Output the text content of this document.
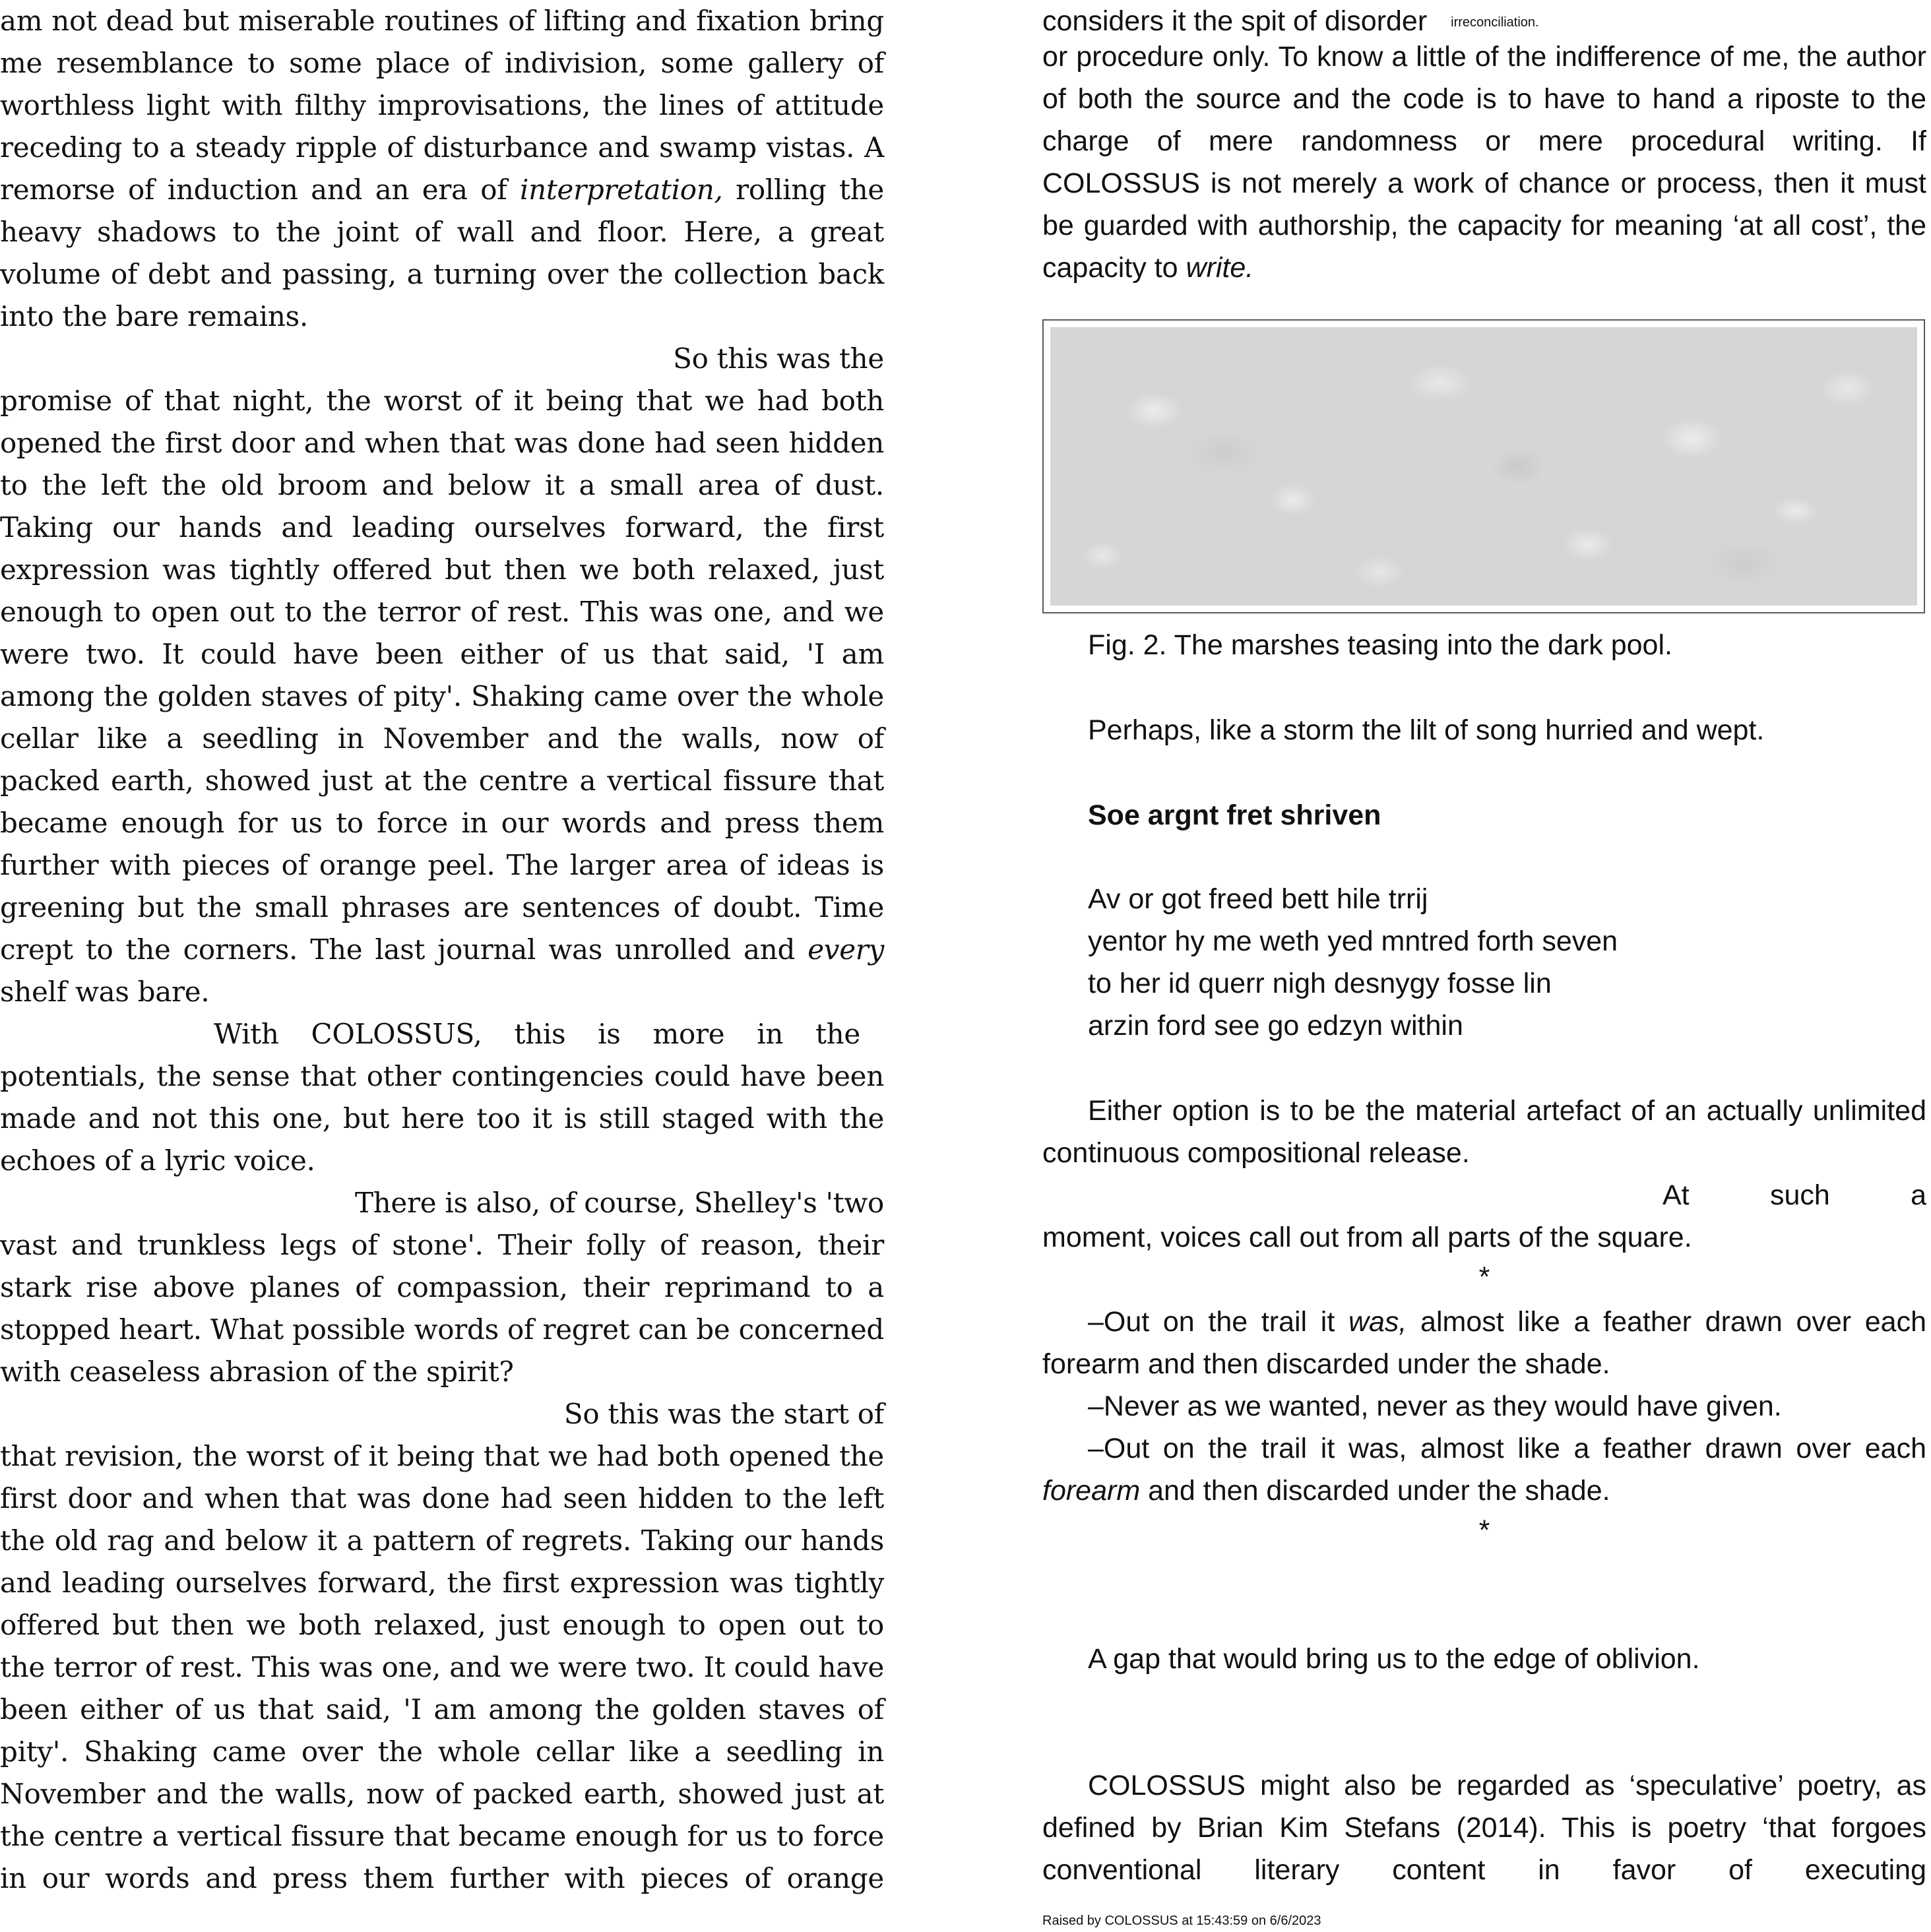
am not dead but miserable routines of lifting and fixation bring me resemblance to some place of indivision, some gallery of worthless light with filthy improvisations, the lines of attitude receding to a steady ripple of disturbance and swamp vistas. A remorse of induction and an era of interpretation, rolling the heavy shadows to the joint of wall and floor. Here, a great volume of debt and passing, a turning over the collection back into the bare remains.

So this was the
promise of that night, the worst of it being that we had both opened the first door and when that was done had seen hidden to the left the old broom and below it a small area of dust. Taking our hands and leading ourselves forward, the first expression was tightly offered but then we both relaxed, just enough to open out to the terror of rest. This was one, and we were two. It could have been either of us that said, 'I am among the golden staves of pity'. Shaking came over the whole cellar like a seedling in November and the walls, now of packed earth, showed just at the centre a vertical fissure that became enough for us to force in our words and press them further with pieces of orange peel. The larger area of ideas is greening but the small phrases are sentences of doubt. Time crept to the corners. The last journal was unrolled and every shelf was bare.

With COLOSSUS, this is more in the
potentials, the sense that other contingencies could have been made and not this one, but here too it is still staged with the echoes of a lyric voice.

There is also, of course, Shelley's 'two
vast and trunkless legs of stone'. Their folly of reason, their stark rise above planes of compassion, their reprimand to a stopped heart. What possible words of regret can be concerned with ceaseless abrasion of the spirit?

So this was the start of
that revision, the worst of it being that we had both opened the first door and when that was done had seen hidden to the left the old rag and below it a pattern of regrets. Taking our hands and leading ourselves forward, the first expression was tightly offered but then we both relaxed, just enough to open out to the terror of rest. This was one, and we were two. It could have been either of us that said, 'I am among the golden staves of pity'. Shaking came over the whole cellar like a seedling in November and the walls, now of packed earth, showed just at the centre a vertical fissure that became enough for us to force in our words and press them further with pieces of orange

considers it the spit of disorder irreconciliation.

or procedure only. To know a little of the indifference of me, the author of both the source and the code is to have to hand a riposte to the charge of mere randomness or mere procedural writing. If COLOSSUS is not merely a work of chance or process, then it must be guarded with authorship, the capacity for meaning ‘at all cost’, the capacity to write.

Fig. 2. The marshes teasing into the dark pool.

Perhaps, like a storm the lilt of song hurried and wept.

Soe argnt fret shriven

Av or got freed bett hile trrij
yentor hy me weth yed mntred forth seven
to her id querr nigh desnygy fosse lin
arzin ford see go edzyn within

Either option is to be the material artefact of an actually unlimited continuous compositional release.

At such a
moment, voices call out from all parts of the square.

*

–Out on the trail it was, almost like a feather drawn over each forearm and then discarded under the shade.

–Never as we wanted, never as they would have given.

–Out on the trail it was, almost like a feather drawn over each forearm and then discarded under the shade.

*

A gap that would bring us to the edge of oblivion.

COLOSSUS might also be regarded as ‘speculative’ poetry, as defined by Brian Kim Stefans (2014). This is poetry ‘that forgoes conventional literary content in favor of executing

Raised by COLOSSUS at 15:43:59 on 6/6/2023
